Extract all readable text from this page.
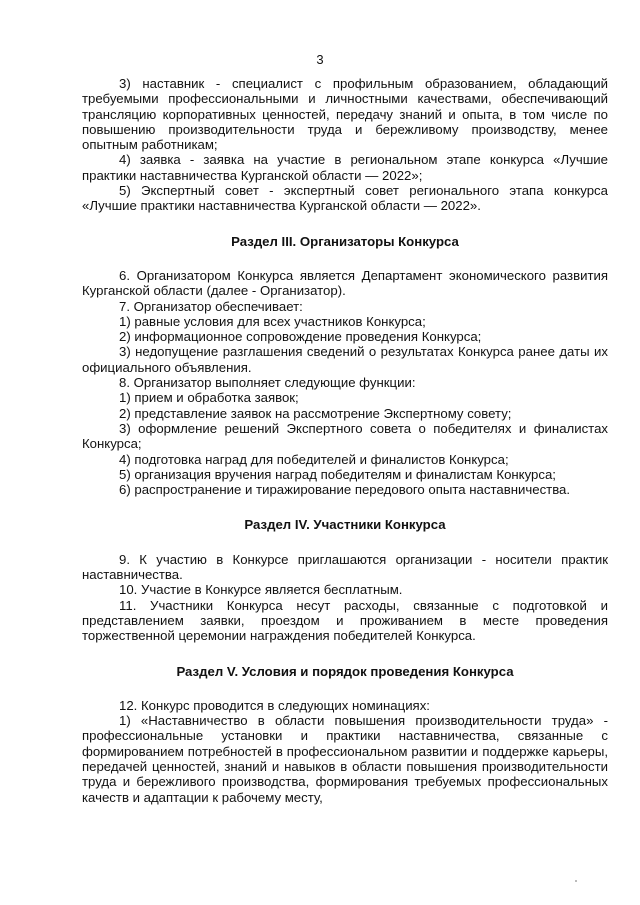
3

3) наставник - специалист с профильным образованием, обладающий требуемыми профессиональными и личностными качествами, обеспечивающий трансляцию корпоративных ценностей, передачу знаний и опыта, в том числе по повышению производительности труда и бережливому производству, менее опытным работникам;

4) заявка - заявка на участие в региональном этапе конкурса «Лучшие практики наставничества Курганской области — 2022»;

5) Экспертный совет - экспертный совет регионального этапа конкурса «Лучшие практики наставничества Курганской области — 2022».

Раздел III. Организаторы Конкурса

6. Организатором Конкурса является Департамент экономического развития Курганской области (далее - Организатор).

7. Организатор обеспечивает:

1) равные условия для всех участников Конкурса;

2) информационное сопровождение проведения Конкурса;

3) недопущение разглашения сведений о результатах Конкурса ранее даты их официального объявления.

8. Организатор выполняет следующие функции:

1) прием и обработка заявок;

2) представление заявок на рассмотрение Экспертному совету;

3) оформление решений Экспертного совета о победителях и финалистах Конкурса;

4) подготовка наград для победителей и финалистов Конкурса;

5) организация вручения наград победителям и финалистам Конкурса;

6) распространение и тиражирование передового опыта наставничества.

Раздел IV. Участники Конкурса

9. К участию в Конкурсе приглашаются организации - носители практик наставничества.

10. Участие в Конкурсе является бесплатным.

11. Участники Конкурса несут расходы, связанные с подготовкой и представлением заявки, проездом и проживанием в месте проведения торжественной церемонии награждения победителей Конкурса.

Раздел V. Условия и порядок проведения Конкурса

12. Конкурс проводится в следующих номинациях:

1) «Наставничество в области повышения производительности труда» - профессиональные установки и практики наставничества, связанные с формированием потребностей в профессиональном развитии и поддержке карьеры, передачей ценностей, знаний и навыков в области повышения производительности труда и бережливого производства, формирования требуемых профессиональных качеств и адаптации к рабочему месту,
